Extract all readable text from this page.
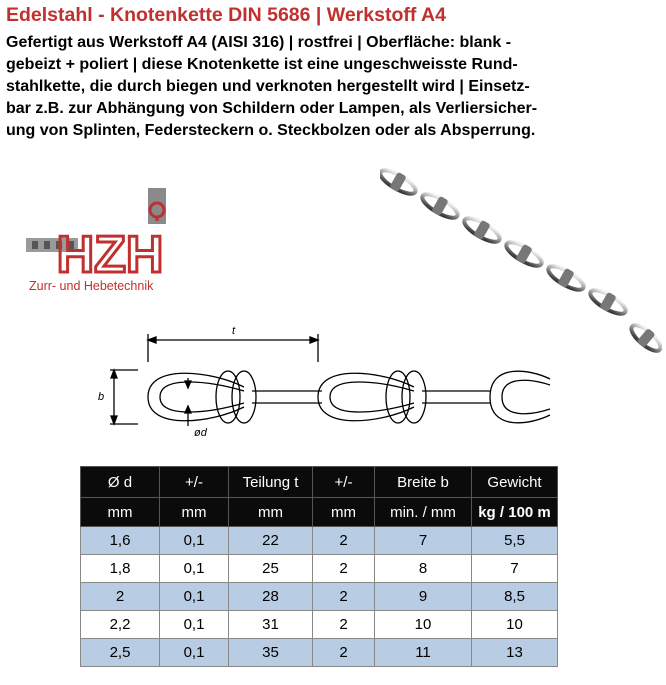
Edelstahl - Knotenkette DIN 5686 | Werkstoff A4
Gefertigt aus Werkstoff A4 (AISI 316) | rostfrei | Oberfläche: blank -
gebeizt + poliert | diese Knotenkette ist eine ungeschweisste Rund-
stahlkette, die durch biegen und verknoten hergestellt wird | Einsetz-
bar z.B. zur Abhängung von Schildern oder Lampen, als Verliersicher-
ung von Splinten, Federsteckern o. Steckbolzen oder als Absperrung.
HZH
Zurr- und Hebetechnik
t
b
ød
Ø d	+/-	Teilung t	+/-	Breite b	Gewicht
mm	mm	mm	mm	min. / mm	kg / 100 m
1,6	0,1	22	2	7	5,5
1,8	0,1	25	2	8	7
2	0,1	28	2	9	8,5
2,2	0,1	31	2	10	10
2,5	0,1	35	2	11	13
